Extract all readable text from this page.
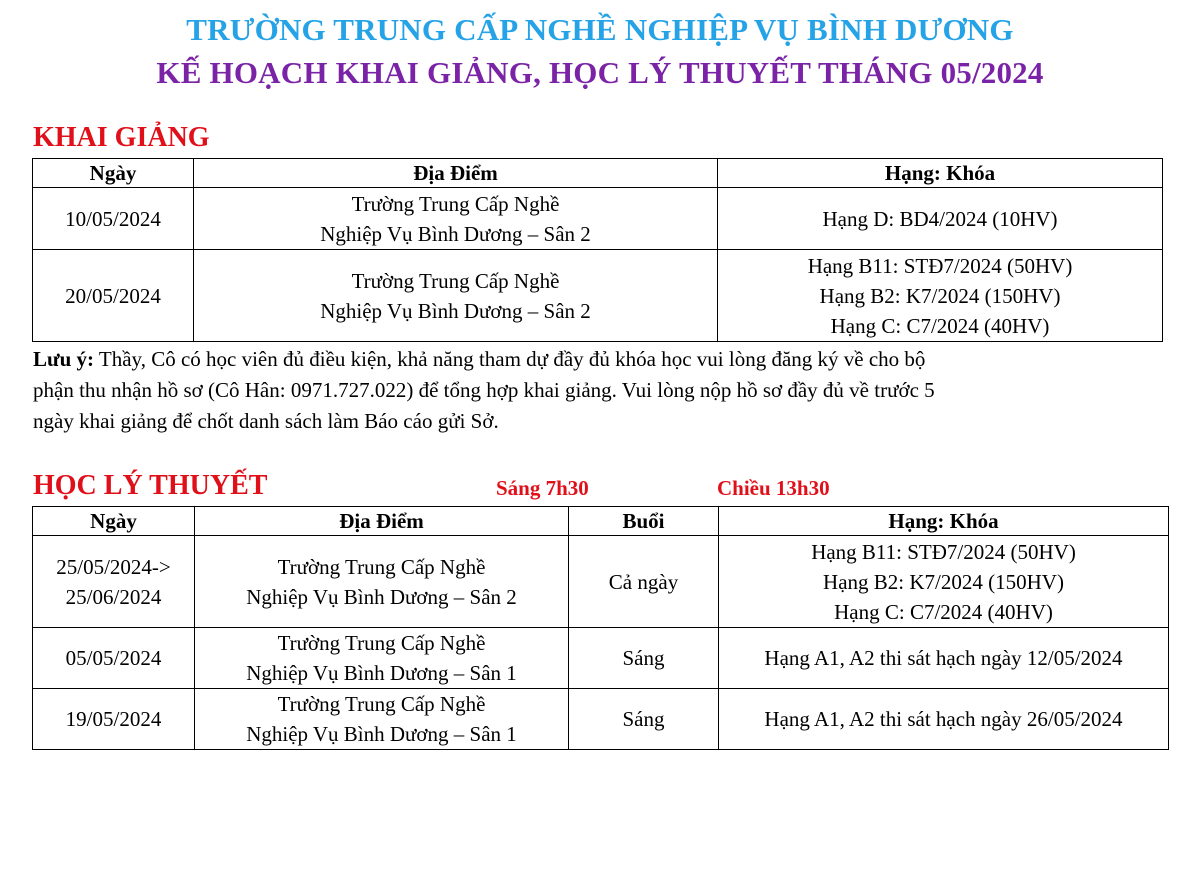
TRƯỜNG TRUNG CẤP NGHỀ NGHIỆP VỤ BÌNH DƯƠNG
KẾ HOẠCH KHAI GIẢNG, HỌC LÝ THUYẾT THÁNG 05/2024
KHAI GIẢNG
Ngày	Địa Điểm	Hạng: Khóa
10/05/2024	Trường Trung Cấp Nghề
Nghiệp Vụ Bình Dương – Sân 2	Hạng D: BD4/2024 (10HV)

20/05/2024	Trường Trung Cấp Nghề
Nghiệp Vụ Bình Dương – Sân 2	Hạng B11: STĐ7/2024 (50HV)
Hạng B2: K7/2024 (150HV)
Hạng C: C7/2024 (40HV)
Lưu ý: Thầy, Cô có học viên đủ điều kiện, khả năng tham dự đầy đủ khóa học vui lòng đăng ký về cho bộ
phận thu nhận hồ sơ (Cô Hân: 0971.727.022) để tổng hợp khai giảng. Vui lòng nộp hồ sơ đầy đủ về trước 5
ngày khai giảng để chốt danh sách làm Báo cáo gửi Sở.
HỌC LÝ THUYẾT	Sáng 7h30	Chiều 13h30
Ngày	Địa Điểm	Buổi	Hạng: Khóa

25/05/2024->
25/06/2024	Trường Trung Cấp Nghề
Nghiệp Vụ Bình Dương – Sân 2	Cả ngày	Hạng B11: STĐ7/2024 (50HV)
Hạng B2: K7/2024 (150HV)
Hạng C: C7/2024 (40HV)

05/05/2024	Trường Trung Cấp Nghề
Nghiệp Vụ Bình Dương – Sân 1	Sáng	Hạng A1, A2 thi sát hạch ngày 12/05/2024

19/05/2024	Trường Trung Cấp Nghề
Nghiệp Vụ Bình Dương – Sân 1	Sáng	Hạng A1, A2 thi sát hạch ngày 26/05/2024
